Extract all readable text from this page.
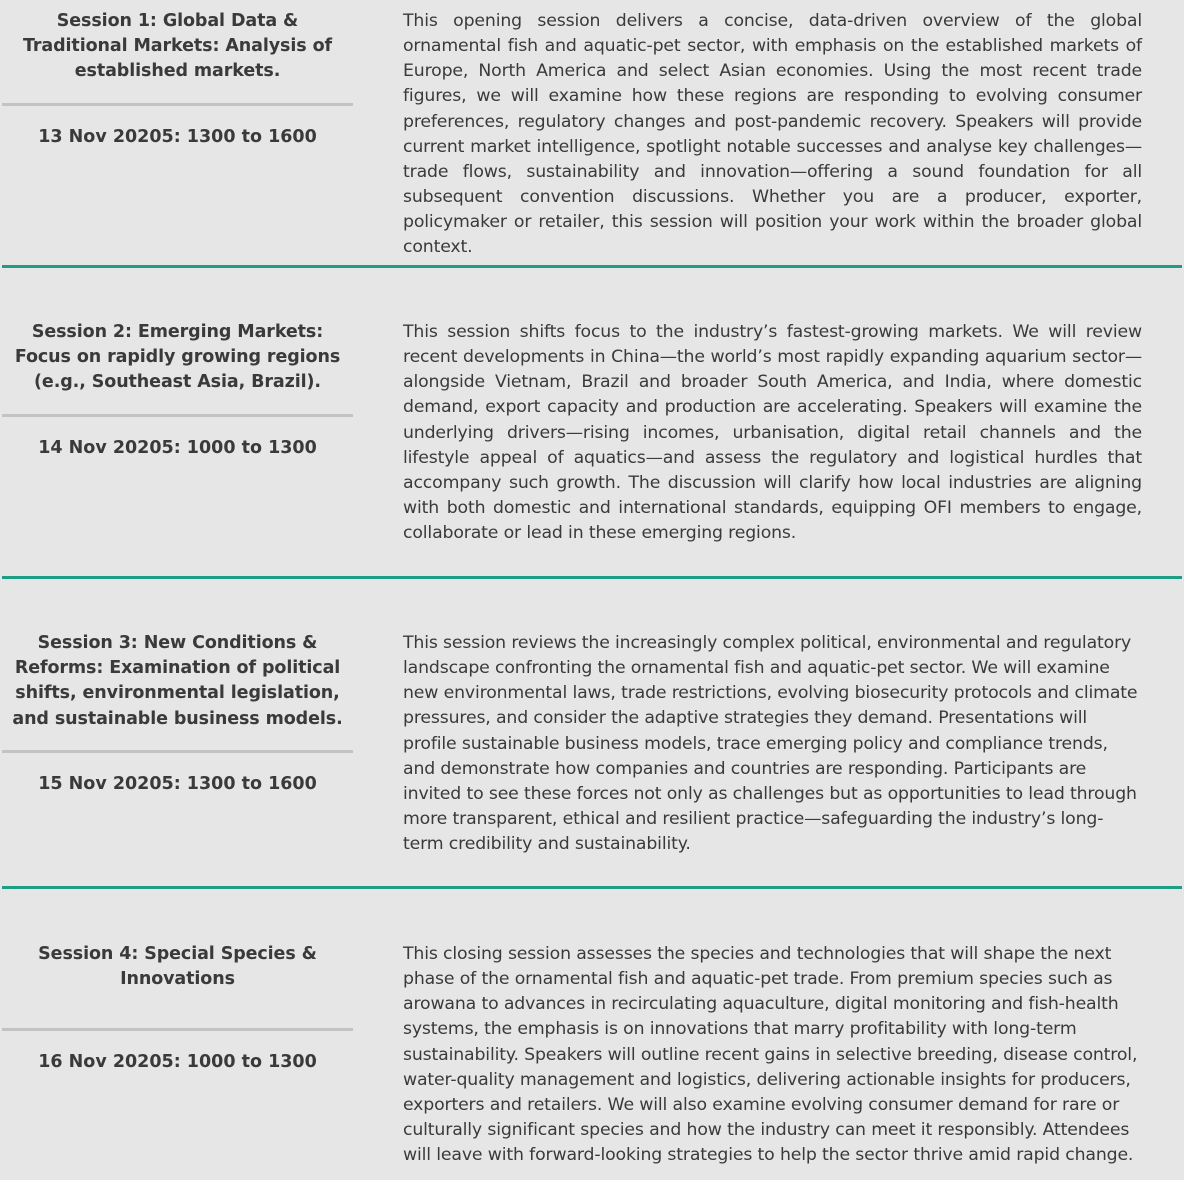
Session 1: Global Data & Traditional Markets: Analysis of established markets.

13 Nov 20205: 1300 to 1600

This opening session delivers a concise, data-driven overview of the global ornamental fish and aquatic-pet sector, with emphasis on the established markets of Europe, North America and select Asian economies. Using the most recent trade figures, we will examine how these regions are responding to evolving consumer preferences, regulatory changes and post-pandemic recovery. Speakers will provide current market intelligence, spotlight notable successes and analyse key challenges—trade flows, sustainability and innovation—offering a sound foundation for all subsequent convention discussions. Whether you are a producer, exporter, policymaker or retailer, this session will position your work within the broader global context.

Session 2: Emerging Markets: Focus on rapidly growing regions (e.g., Southeast Asia, Brazil).

14 Nov 20205: 1000 to 1300

This session shifts focus to the industry’s fastest-growing markets. We will review recent developments in China—the world’s most rapidly expanding aquarium sector—alongside Vietnam, Brazil and broader South America, and India, where domestic demand, export capacity and production are accelerating. Speakers will examine the underlying drivers—rising incomes, urbanisation, digital retail channels and the lifestyle appeal of aquatics—and assess the regulatory and logistical hurdles that accompany such growth. The discussion will clarify how local industries are aligning with both domestic and international standards, equipping OFI members to engage, collaborate or lead in these emerging regions.

Session 3: New Conditions & Reforms: Examination of political shifts, environmental legislation, and sustainable business models.

15 Nov 20205: 1300 to 1600

This session reviews the increasingly complex political, environmental and regulatory landscape confronting the ornamental fish and aquatic-pet sector. We will examine new environmental laws, trade restrictions, evolving biosecurity protocols and climate pressures, and consider the adaptive strategies they demand. Presentations will profile sustainable business models, trace emerging policy and compliance trends, and demonstrate how companies and countries are responding. Participants are invited to see these forces not only as challenges but as opportunities to lead through more transparent, ethical and resilient practice—safeguarding the industry’s long-term credibility and sustainability.

Session 4: Special Species & Innovations

16 Nov 20205: 1000 to 1300

This closing session assesses the species and technologies that will shape the next phase of the ornamental fish and aquatic-pet trade. From premium species such as arowana to advances in recirculating aquaculture, digital monitoring and fish-health systems, the emphasis is on innovations that marry profitability with long-term sustainability. Speakers will outline recent gains in selective breeding, disease control, water-quality management and logistics, delivering actionable insights for producers, exporters and retailers. We will also examine evolving consumer demand for rare or culturally significant species and how the industry can meet it responsibly. Attendees will leave with forward-looking strategies to help the sector thrive amid rapid change.
